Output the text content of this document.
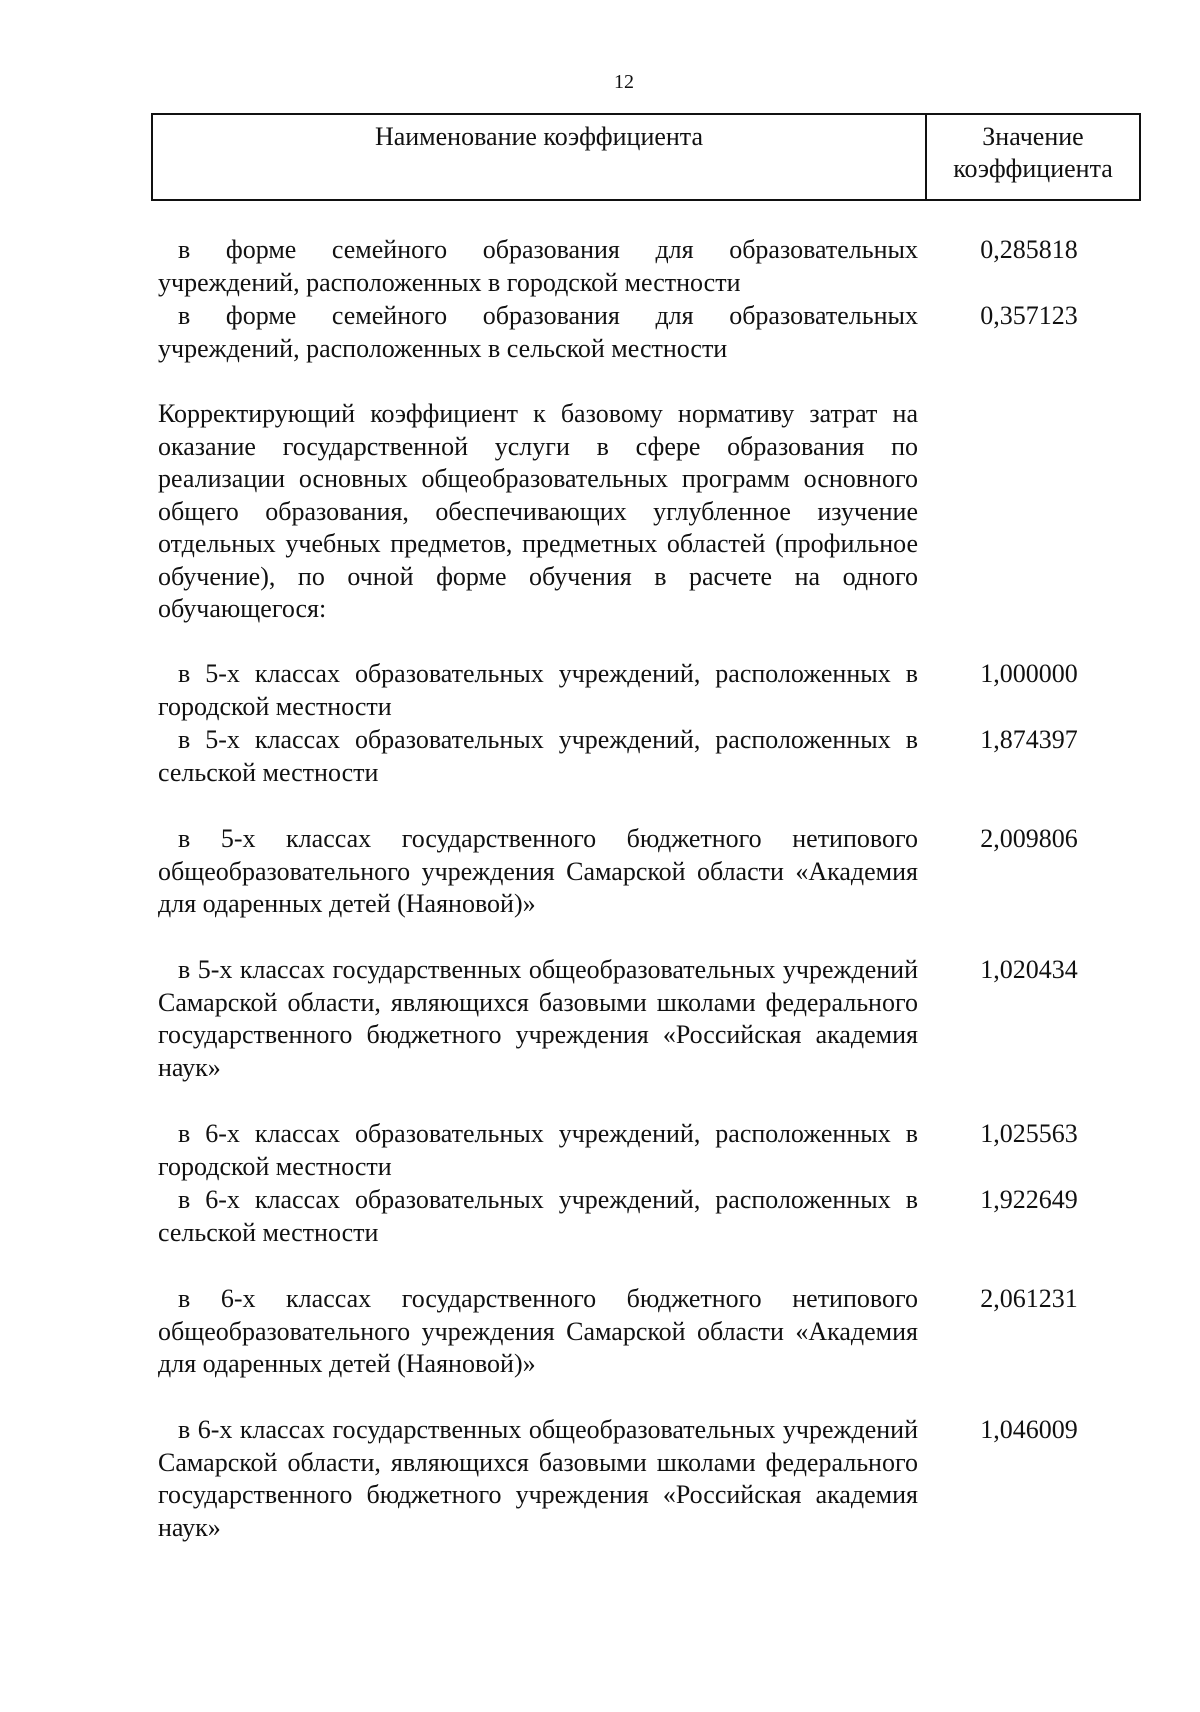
12
Наименование коэффициента	Значение
коэффициента
в форме семейного образования для образовательных учреждений, расположенных в городской местности
0,285818
в форме семейного образования для образовательных учреждений, расположенных в сельской местности
0,357123
Корректирующий коэффициент к базовому нормативу затрат на оказание государственной услуги в сфере образования по реализации основных общеобразовательных программ основного общего образования, обеспечивающих углубленное изучение отдельных учебных предметов, предметных областей (профильное обучение), по очной форме обучения в расчете на одного обучающегося:
в 5-х классах образовательных учреждений, расположенных в городской местности
1,000000
в 5-х классах образовательных учреждений, расположенных в сельской местности
1,874397
в 5-х классах государственного бюджетного нетипового общеобразовательного учреждения Самарской области «Академия для одаренных детей (Наяновой)»
2,009806
в 5-х классах государственных общеобразовательных учреждений Самарской области, являющихся базовыми школами федерального государственного бюджетного учреждения «Российская академия наук»
1,020434
в 6-х классах образовательных учреждений, расположенных в городской местности
1,025563
в 6-х классах образовательных учреждений, расположенных в сельской местности
1,922649
в 6-х классах государственного бюджетного нетипового общеобразовательного учреждения Самарской области «Академия для одаренных детей (Наяновой)»
2,061231
в 6-х классах государственных общеобразовательных учреждений Самарской области, являющихся базовыми школами федерального государственного бюджетного учреждения «Российская академия наук»
1,046009
